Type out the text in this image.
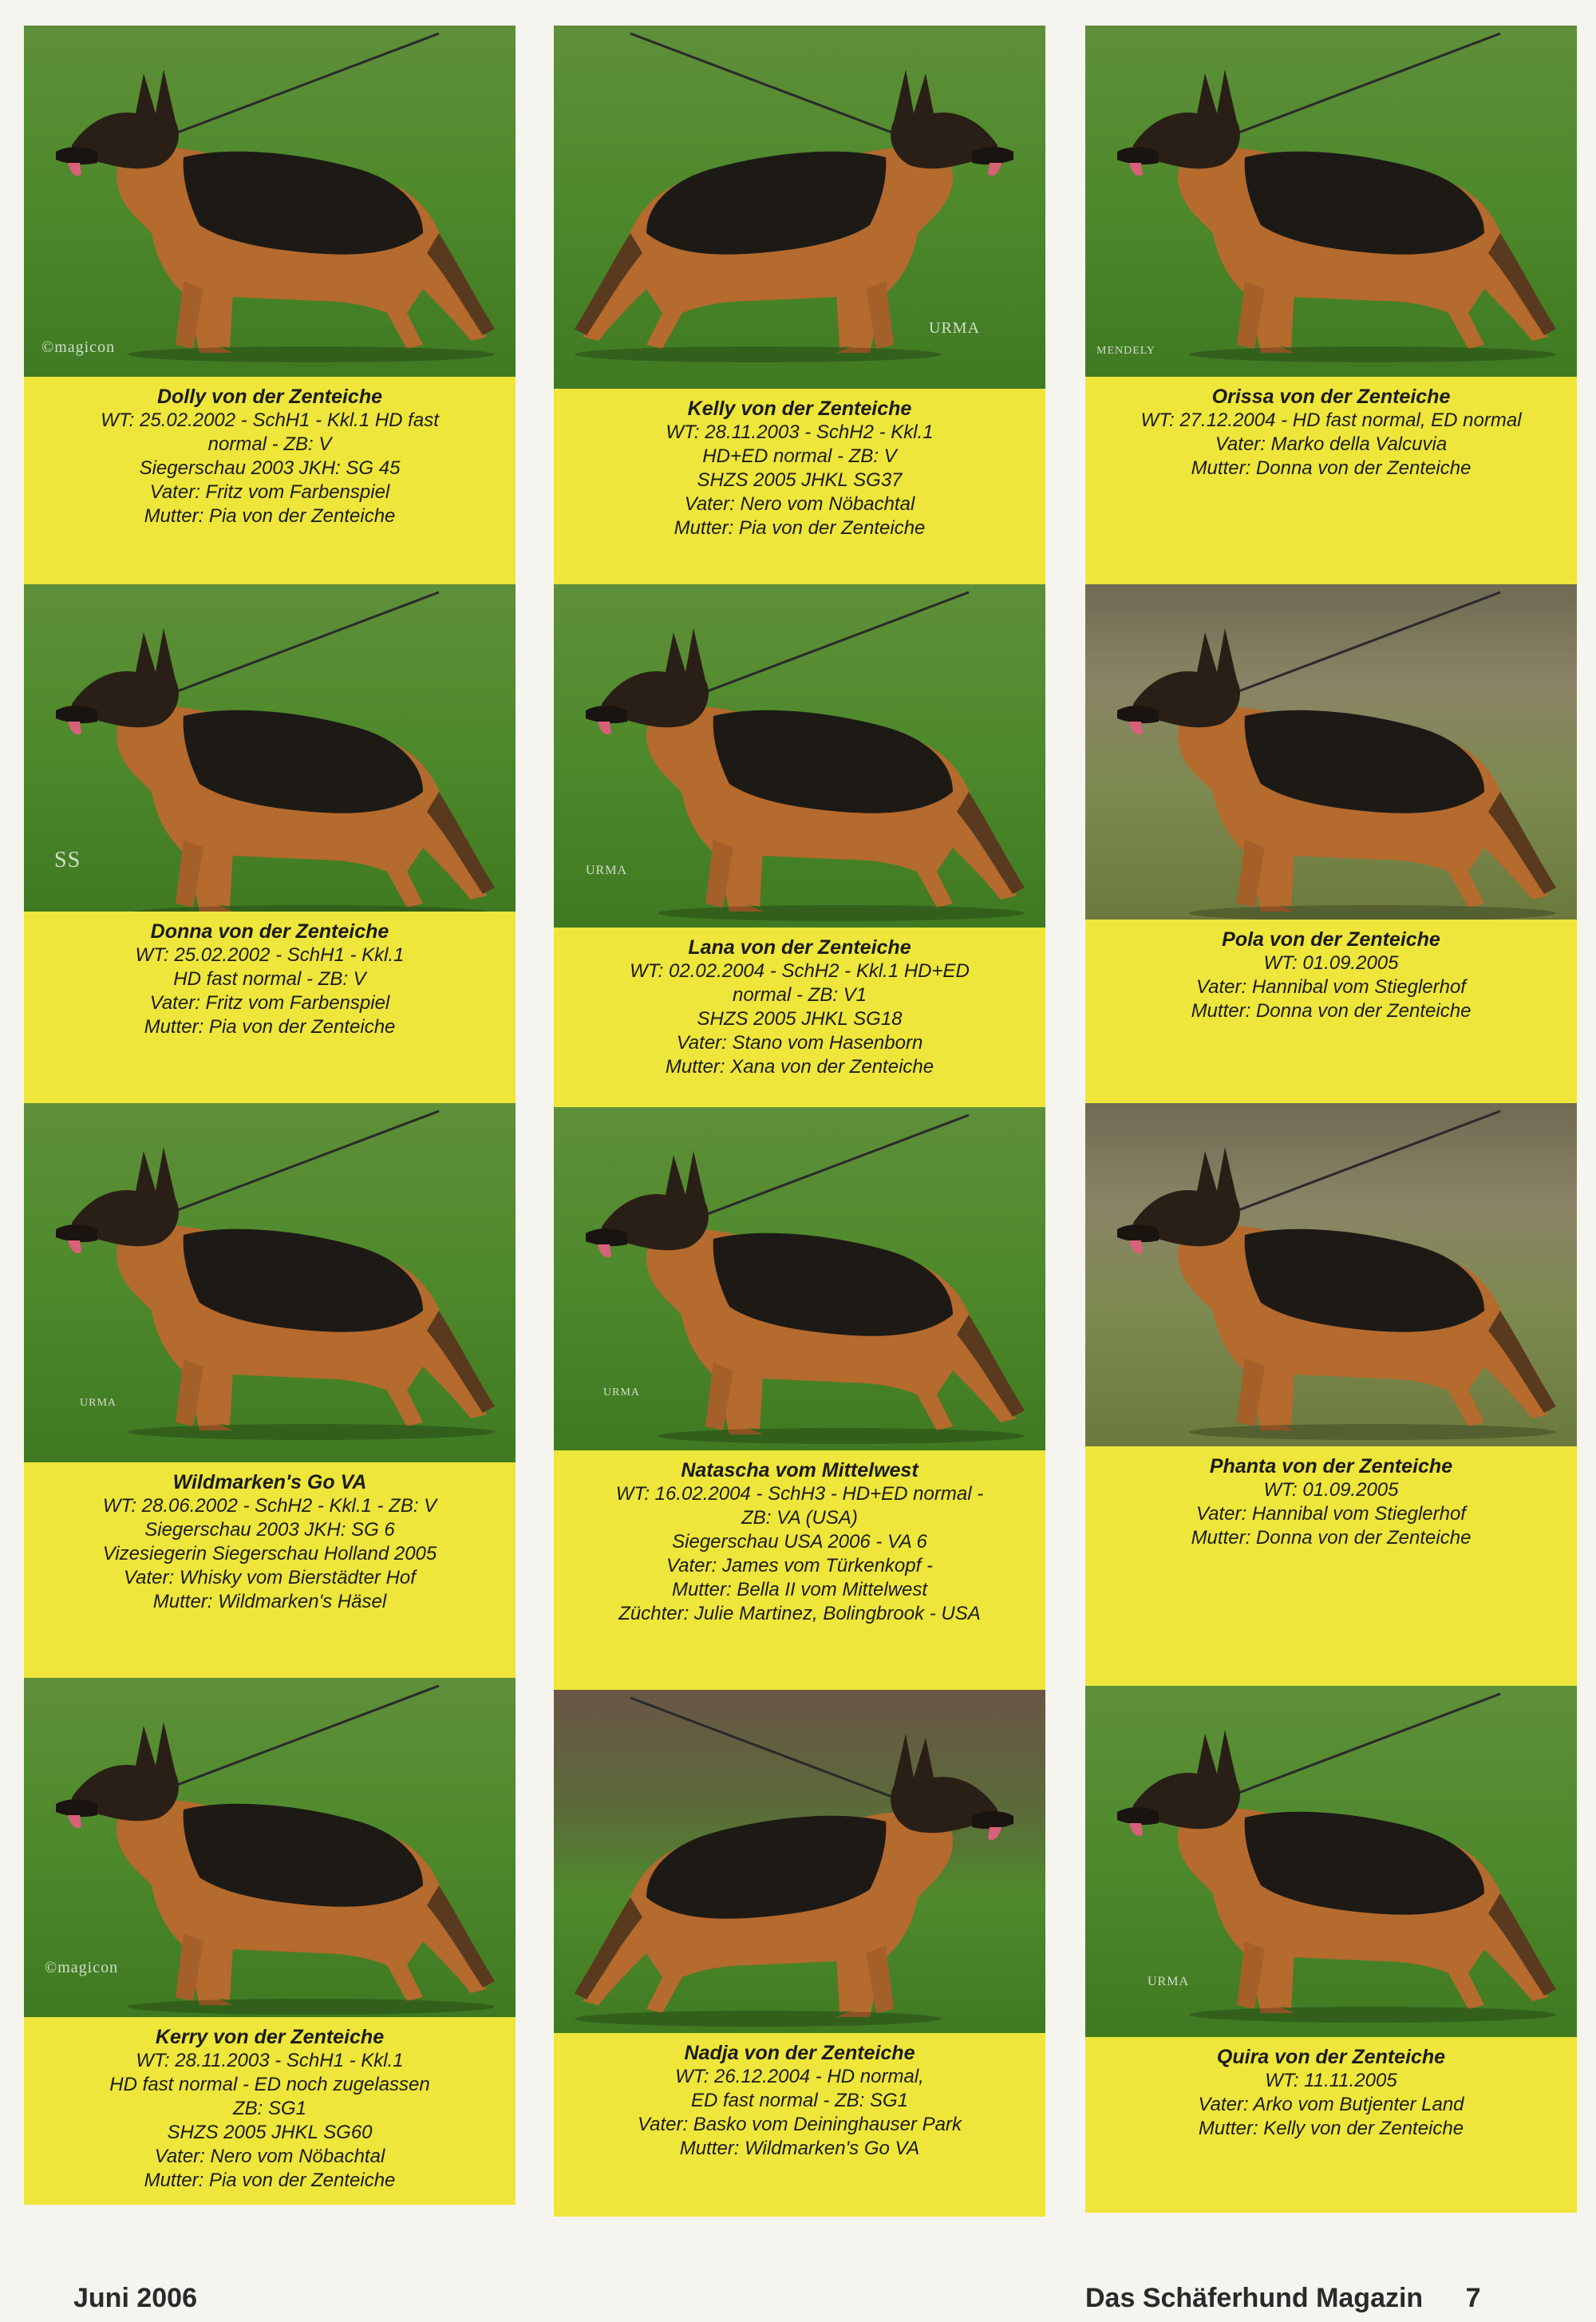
©magicon
Dolly von der Zenteiche
WT: 25.02.2002 - SchH1 - Kkl.1 HD fast
normal - ZB: V
Siegerschau 2003 JKH: SG 45
Vater: Fritz vom Farbenspiel
Mutter: Pia von der Zenteiche
SS
Donna von der Zenteiche
WT: 25.02.2002 - SchH1 - Kkl.1
HD fast normal - ZB: V
Vater: Fritz vom Farbenspiel
Mutter: Pia von der Zenteiche
URMA
Wildmarken's Go VA
WT: 28.06.2002 - SchH2 - Kkl.1 - ZB: V
Siegerschau 2003 JKH: SG 6
Vizesiegerin Siegerschau Holland 2005
Vater: Whisky vom Bierstädter Hof
Mutter: Wildmarken's Häsel
©magicon
Kerry von der Zenteiche
WT: 28.11.2003 - SchH1 - Kkl.1
HD fast normal - ED noch zugelassen
ZB: SG1
SHZS 2005 JHKL SG60
Vater: Nero vom Nöbachtal
Mutter: Pia von der Zenteiche
URMA
Kelly von der Zenteiche
WT: 28.11.2003 - SchH2 - Kkl.1
HD+ED normal - ZB: V
SHZS 2005 JHKL SG37
Vater: Nero vom Nöbachtal
Mutter: Pia von der Zenteiche
URMA
Lana von der Zenteiche
WT: 02.02.2004 - SchH2 - Kkl.1 HD+ED
normal - ZB: V1
SHZS 2005 JHKL SG18
Vater: Stano vom Hasenborn
Mutter: Xana von der Zenteiche
URMA
Natascha vom Mittelwest
WT: 16.02.2004 - SchH3 - HD+ED normal -
ZB: VA (USA)
Siegerschau USA 2006 - VA 6
Vater: James vom Türkenkopf -
Mutter: Bella II vom Mittelwest
Züchter: Julie Martinez, Bolingbrook - USA
Nadja von der Zenteiche
WT: 26.12.2004 - HD normal,
ED fast normal - ZB: SG1
Vater: Basko vom Deininghauser Park
Mutter: Wildmarken's Go VA
MENDELY
Orissa von der Zenteiche
WT: 27.12.2004 - HD fast normal, ED normal
Vater: Marko della Valcuvia
Mutter: Donna von der Zenteiche
Pola von der Zenteiche
WT: 01.09.2005
Vater: Hannibal vom Stieglerhof
Mutter: Donna von der Zenteiche
Phanta von der Zenteiche
WT: 01.09.2005
Vater: Hannibal vom Stieglerhof
Mutter: Donna von der Zenteiche
URMA
Quira von der Zenteiche
WT: 11.11.2005
Vater: Arko vom Butjenter Land
Mutter: Kelly von der Zenteiche
Juni 2006	Das Schäferhund Magazin 7
